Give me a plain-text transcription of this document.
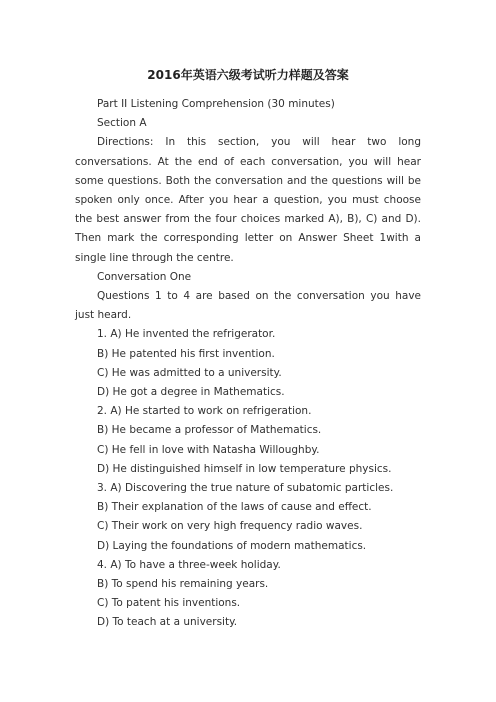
2016年英语六级考试听力样题及答案

Part II Listening Comprehension (30 minutes)

Section A

Directions: In this section, you will hear two long conversations. At the end of each conversation, you will hear some questions. Both the conversation and the questions will be spoken only once. After you hear a question, you must choose the best answer from the four choices marked A), B), C) and D). Then mark the corresponding letter on Answer Sheet 1with a single line through the centre.

Conversation One

Questions 1 to 4 are based on the conversation you have just heard.

1. A) He invented the refrigerator.

B) He patented his first invention.

C) He was admitted to a university.

D) He got a degree in Mathematics.

2. A) He started to work on refrigeration.

B) He became a professor of Mathematics.

C) He fell in love with Natasha Willoughby.

D) He distinguished himself in low temperature physics.

3. A) Discovering the true nature of subatomic particles.

B) Their explanation of the laws of cause and effect.

C) Their work on very high frequency radio waves.

D) Laying the foundations of modern mathematics.

4. A) To have a three-week holiday.

B) To spend his remaining years.

C) To patent his inventions.

D) To teach at a university.
